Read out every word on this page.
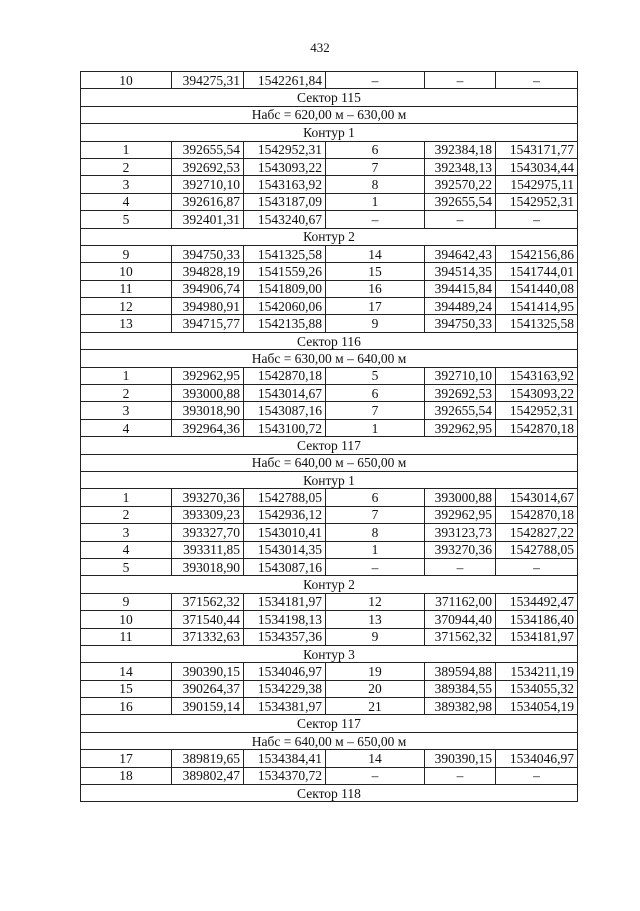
432
10	394275,31	1542261,84	–	–	–
Сектор 115					
Набс = 620,00 м – 630,00 м					
Контур 1					
1	392655,54	1542952,31	6	392384,18	1543171,77
2	392692,53	1543093,22	7	392348,13	1543034,44
3	392710,10	1543163,92	8	392570,22	1542975,11
4	392616,87	1543187,09	1	392655,54	1542952,31
5	392401,31	1543240,67	–	–	–
Контур 2					
9	394750,33	1541325,58	14	394642,43	1542156,86
10	394828,19	1541559,26	15	394514,35	1541744,01
11	394906,74	1541809,00	16	394415,84	1541440,08
12	394980,91	1542060,06	17	394489,24	1541414,95
13	394715,77	1542135,88	9	394750,33	1541325,58
Сектор 116					
Набс = 630,00 м – 640,00 м					
1	392962,95	1542870,18	5	392710,10	1543163,92
2	393000,88	1543014,67	6	392692,53	1543093,22
3	393018,90	1543087,16	7	392655,54	1542952,31
4	392964,36	1543100,72	1	392962,95	1542870,18
Сектор 117					
Набс = 640,00 м – 650,00 м					
Контур 1					
1	393270,36	1542788,05	6	393000,88	1543014,67
2	393309,23	1542936,12	7	392962,95	1542870,18
3	393327,70	1543010,41	8	393123,73	1542827,22
4	393311,85	1543014,35	1	393270,36	1542788,05
5	393018,90	1543087,16	–	–	–
Контур 2					
9	371562,32	1534181,97	12	371162,00	1534492,47
10	371540,44	1534198,13	13	370944,40	1534186,40
11	371332,63	1534357,36	9	371562,32	1534181,97
Контур 3					
14	390390,15	1534046,97	19	389594,88	1534211,19
15	390264,37	1534229,38	20	389384,55	1534055,32
16	390159,14	1534381,97	21	389382,98	1534054,19
Сектор 117					
Набс = 640,00 м – 650,00 м					
17	389819,65	1534384,41	14	390390,15	1534046,97
18	389802,47	1534370,72	–	–	–
Сектор 118					
